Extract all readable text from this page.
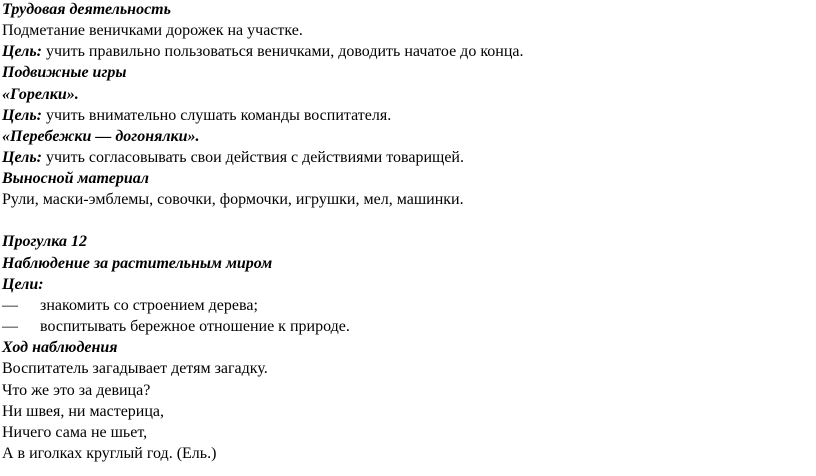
Трудовая деятельность
Подметание веничками дорожек на участке.
Цель: учить правильно пользоваться веничками, доводить начатое до конца.
Подвижные игры
«Горелки».
Цель: учить внимательно слушать команды воспитателя.
«Перебежки — догонялки».
Цель: учить согласовывать свои действия с действиями товарищей.
Выносной материал
Рули, маски-эмблемы, совочки, формочки, игрушки, мел, машинки.
Прогулка 12
Наблюдение за растительным миром
Цели:
— знакомить со строением дерева;
— воспитывать бережное отношение к природе.
Ход наблюдения
Воспитатель загадывает детям загадку.
Что же это за девица?
Ни швея, ни мастерица,
Ничего сама не шьет,
А в иголках круглый год. (Ель.)
